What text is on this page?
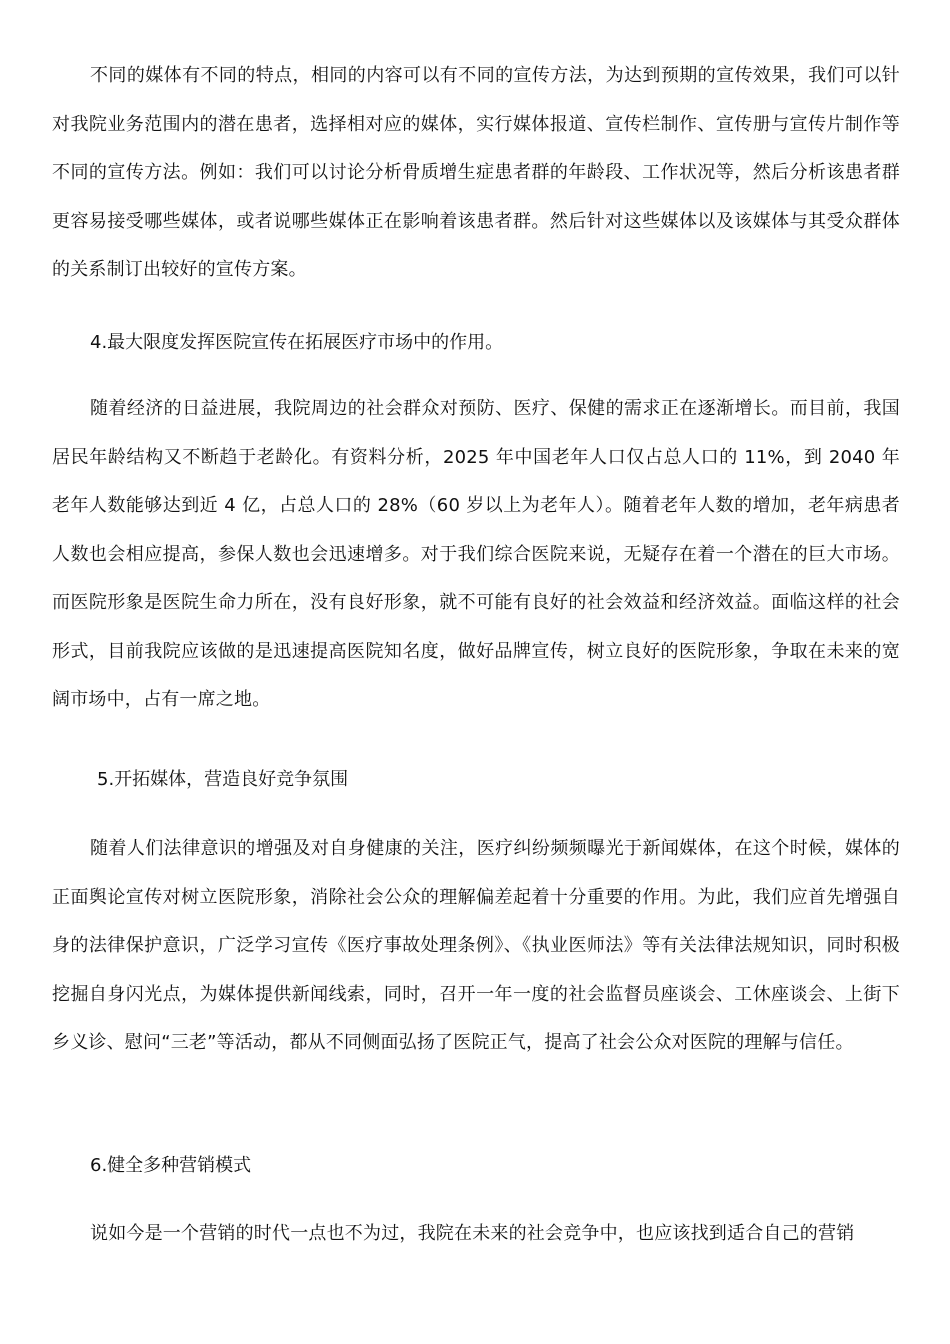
不同的媒体有不同的特点，相同的内容可以有不同的宣传方法，为达到预期的宣传效果，我们可以针对我院业务范围内的潜在患者，选择相对应的媒体，实行媒体报道、宣传栏制作、宣传册与宣传片制作等不同的宣传方法。例如：我们可以讨论分析骨质增生症患者群的年龄段、工作状况等，然后分析该患者群更容易接受哪些媒体，或者说哪些媒体正在影响着该患者群。然后针对这些媒体以及该媒体与其受众群体的关系制订出较好的宣传方案。

4.最大限度发挥医院宣传在拓展医疗市场中的作用。

随着经济的日益进展，我院周边的社会群众对预防、医疗、保健的需求正在逐渐增长。而目前，我国居民年龄结构又不断趋于老龄化。有资料分析，2025 年中国老年人口仅占总人口的 11%，到 2040 年老年人数能够达到近 4 亿，占总人口的 28%（60 岁以上为老年人）。随着老年人数的增加，老年病患者人数也会相应提高，参保人数也会迅速增多。对于我们综合医院来说，无疑存在着一个潜在的巨大市场。而医院形象是医院生命力所在，没有良好形象，就不可能有良好的社会效益和经济效益。面临这样的社会形式，目前我院应该做的是迅速提高医院知名度，做好品牌宣传，树立良好的医院形象，争取在未来的宽阔市场中，占有一席之地。

5.开拓媒体，营造良好竞争氛围

随着人们法律意识的增强及对自身健康的关注，医疗纠纷频频曝光于新闻媒体，在这个时候，媒体的正面舆论宣传对树立医院形象，消除社会公众的理解偏差起着十分重要的作用。为此，我们应首先增强自身的法律保护意识，广泛学习宣传《医疗事故处理条例》、《执业医师法》等有关法律法规知识，同时积极挖掘自身闪光点，为媒体提供新闻线索，同时，召开一年一度的社会监督员座谈会、工休座谈会、上街下乡义诊、慰问“三老”等活动，都从不同侧面弘扬了医院正气，提高了社会公众对医院的理解与信任。

6.健全多种营销模式

说如今是一个营销的时代一点也不为过，我院在未来的社会竞争中，也应该找到适合自己的营销
